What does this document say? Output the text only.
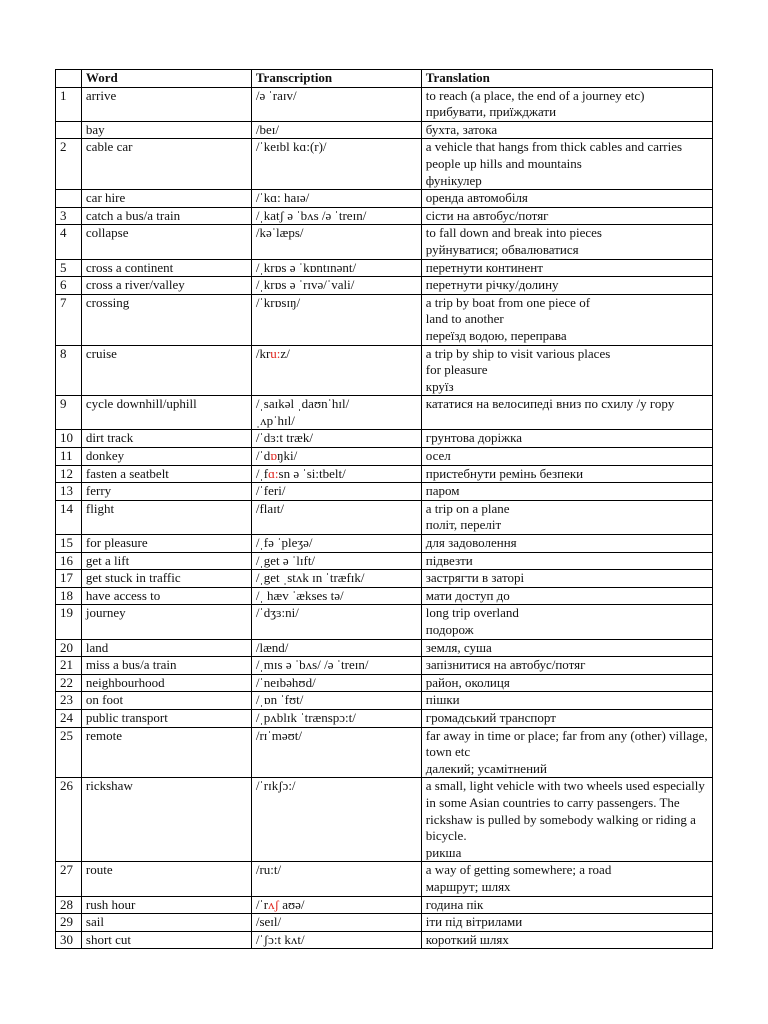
	Word	Transcription	Translation
1	arrive	/ə ˈraɪv/	to reach (a place, the end of a journey etc)
прибувати, приїжджати
	bay	/beɪ/	бухта, затока
2	cable car	/ˈkeɪbl kɑ:(r)/	a vehicle that hangs from thick cables and carries people up hills and mountains
фунікулер
	car hire	/ˈkɑ: haɪə/	оренда автомобіля
3	catch a bus/a train	/ˌkatʃ ə ˈbʌs /ə ˈtreɪn/	сісти на автобус/потяг
4	collapse	/kəˈlæps/	to fall down and break into pieces
руйнуватися; обвалюватися
5	cross a continent	/ˌkrɒs ə ˈkɒntɪnənt/	перетнути континент
6	cross a river/valley	/ˌkrɒs ə ˈrɪvə/ˈvali/	перетнути річку/долину
7	crossing	/ˈkrɒsɪŋ/	a trip by boat from one piece of
land to another
переїзд водою, переправа
8	cruise	/kru:z/	a trip by ship to visit various places
for pleasure
круїз
9	cycle downhill/uphill	/ˌsaɪkəl ˌdaʊnˈhɪl/
ˌʌpˈhɪl/	кататися на велосипеді вниз по схилу /у гору
10	dirt track	/ˈdɜ:t træk/	грунтова доріжка
11	donkey	/ˈdɒŋki/	осел
12	fasten a seatbelt	/ˌfɑ:sn ə ˈsi:tbelt/	пристебнути ремінь безпеки
13	ferry	/ˈferi/	паром
14	flight	/flaɪt/	a trip on a plane
політ, переліт
15	for pleasure	/ˌfə ˈpleʒə/	для задоволення
16	get a lift	/ˌget ə ˈlɪft/	підвезти
17	get stuck in traffic	/ˌget ˌstʌk ɪn ˈtræfɪk/	застрягти в заторі
18	have access to	/ˌ hæv ˈækses tə/	мати доступ до
19	journey	/ˈdʒɜ:ni/	long trip overland
подорож
20	land	/lænd/	земля, суша
21	miss a bus/a train	/ˌmɪs ə ˈbʌs/ /ə ˈtreɪn/	запізнитися на автобус/потяг
22	neighbourhood	/ˈneɪbəhʊd/	район, околиця
23	on foot	/ˌɒn ˈfʊt/	пішки
24	public transport	/ˌpʌblɪk ˈtrænspɔ:t/	громадський транспорт
25	remote	/rɪˈməʊt/	far away in time or place; far from any (other) village, town etc
далекий; усамітнений
26	rickshaw	/ˈrɪkʃɔ:/	a small, light vehicle with two wheels used especially in some Asian countries to carry passengers. The rickshaw is pulled by somebody walking or riding a bicycle.
рикша
27	route	/ru:t/	a way of getting somewhere; a road
маршрут; шлях
28	rush hour	/ˈrʌʃ aʊə/	година пік
29	sail	/seɪl/	іти під вітрилами
30	short cut	/ˈʃɔ:t kʌt/	короткий шлях
